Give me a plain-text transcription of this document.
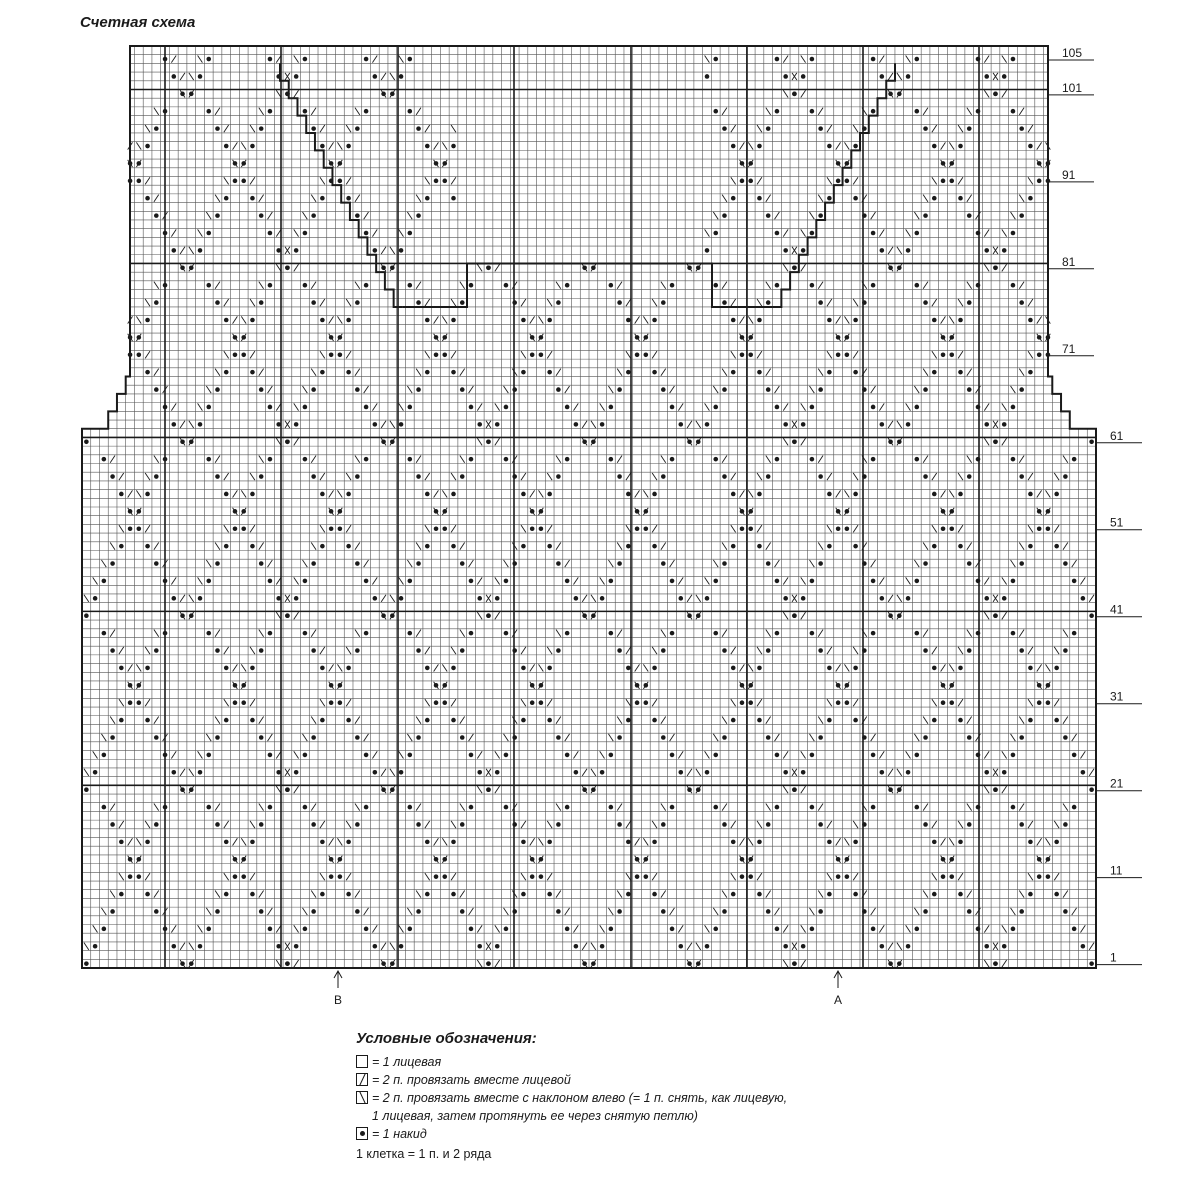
Счетная схема
105
101
91
81
71
61
51
41
31
21
11
1
B	A
Условные обозначения:
= 1 лицевая
= 2 п. провязать вместе лицевой
= 2 п. провязать вместе с наклоном влево (= 1 п. снять, как лицевую,
1 лицевая, затем протянуть ее через снятую петлю)
= 1 накид
1 клетка = 1 п. и 2 ряда
